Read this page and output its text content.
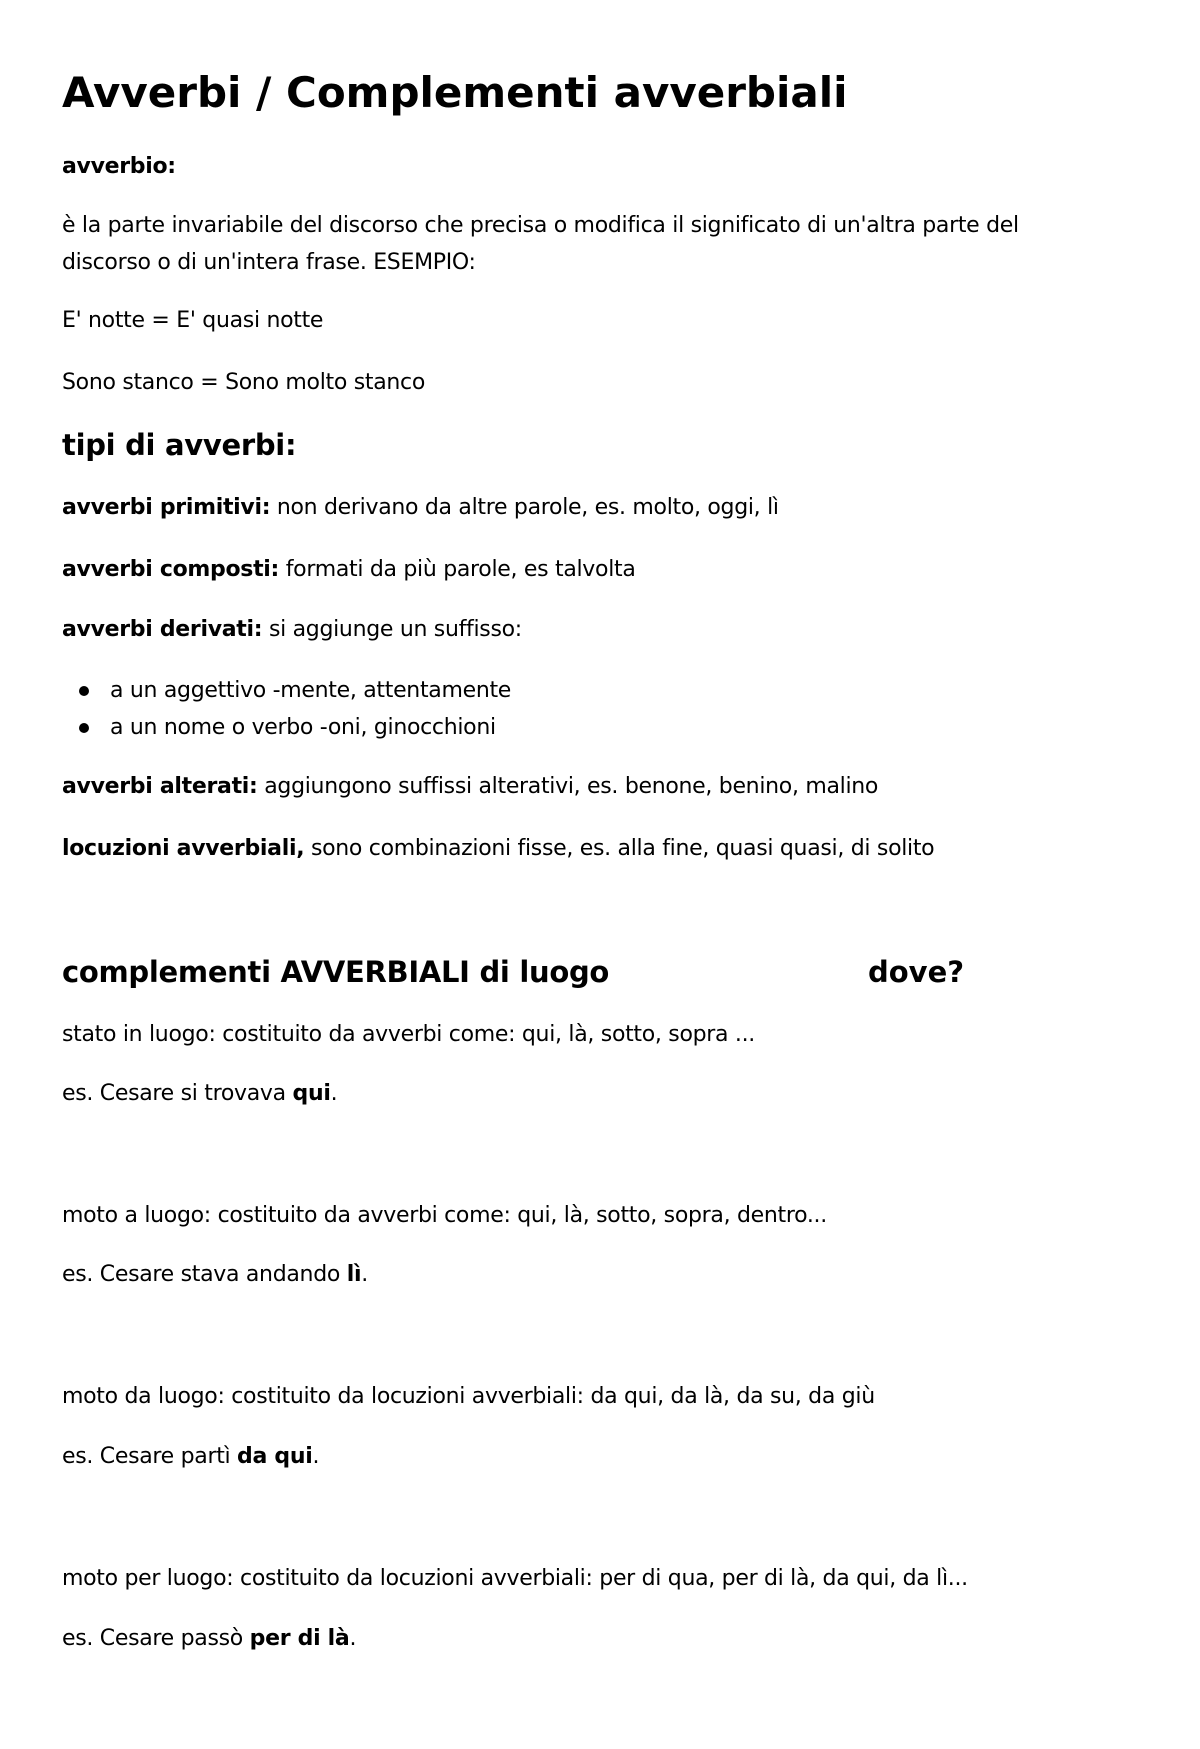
Avverbi / Complementi avverbiali

avverbio:

è la parte invariabile del discorso che precisa o modifica il significato di un'altra parte del discorso o di un'intera frase. ESEMPIO:

E' notte = E' quasi notte

Sono stanco = Sono molto stanco

tipi di avverbi:

avverbi primitivi: non derivano da altre parole, es. molto, oggi, lì

avverbi composti: formati da più parole, es talvolta

avverbi derivati: si aggiunge un suffisso:

a un aggettivo -mente, attentamente
a un nome o verbo -oni, ginocchioni

avverbi alterati: aggiungono suffissi alterativi, es. benone, benino, malino

locuzioni avverbiali, sono combinazioni fisse, es. alla fine, quasi quasi, di solito

complementi AVVERBIALI di luogo	dove?

stato in luogo: costituito da avverbi come: qui, là, sotto, sopra ...

es. Cesare si trovava qui.

moto a luogo: costituito da avverbi come: qui, là, sotto, sopra, dentro...

es. Cesare stava andando lì.

moto da luogo: costituito da locuzioni avverbiali: da qui, da là, da su, da giù

es. Cesare partì da qui.

moto per luogo: costituito da locuzioni avverbiali: per di qua, per di là, da qui, da lì...

es. Cesare passò per di là.
